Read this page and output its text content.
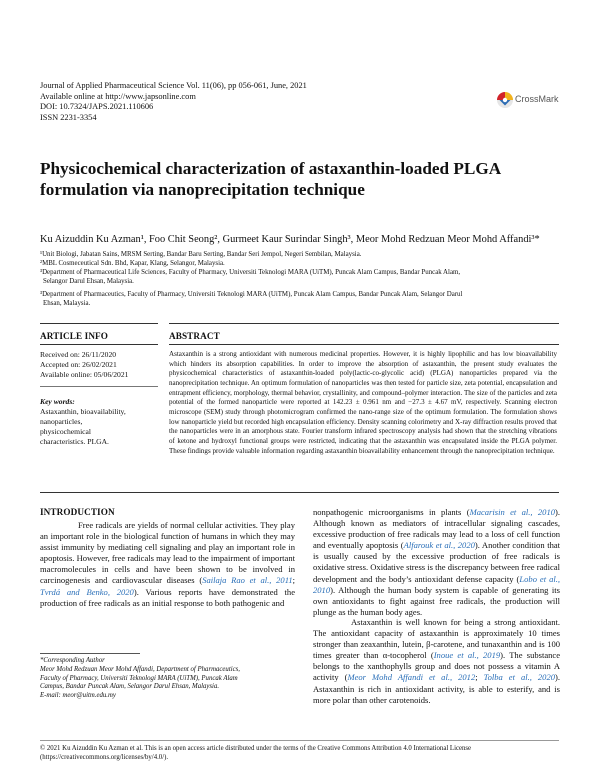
Journal of Applied Pharmaceutical Science Vol. 11(06), pp 056-061, June, 2021
Available online at http://www.japsonline.com
DOI: 10.7324/JAPS.2021.110606
ISSN 2231-3354
CrossMark
Physicochemical characterization of astaxanthin-loaded PLGA formulation via nanoprecipitation technique
Ku Aizuddin Ku Azman¹, Foo Chit Seong², Gurmeet Kaur Surindar Singh³, Meor Mohd Redzuan Meor Mohd Affandi³*
¹Unit Biologi, Jabatan Sains, MRSM Serting, Bandar Baru Serting, Bandar Seri Jempol, Negeri Sembilan, Malaysia.
²MBL Cosmeceutical Sdn. Bhd, Kapar, Klang, Selangor, Malaysia.
³Department of Pharmaceutical Life Sciences, Faculty of Pharmacy, Universiti Teknologi MARA (UiTM), Puncak Alam Campus, Bandar Puncak Alam,
Selangor Darul Ehsan, Malaysia.
³Department of Pharmaceutics, Faculty of Pharmacy, Universiti Teknologi MARA (UiTM), Puncak Alam Campus, Bandar Puncak Alam, Selangor Darul
Ehsan, Malaysia.
ARTICLE INFO	ABSTRACT
Received on: 26/11/2020
Accepted on: 26/02/2021
Available online: 05/06/2021
Key words:
Astaxanthin, bioavailability,
nanoparticles,
physicochemical
characteristics. PLGA.
Astaxanthin is a strong antioxidant with numerous medicinal properties. However, it is highly lipophilic and has low bioavailability which hinders its absorption capabilities. In order to improve the absorption of astaxanthin, the present study evaluates the physicochemical characteristics of astaxanthin-loaded poly(lactic-co-glycolic acid) (PLGA) nanoparticles prepared via the nanoprecipitation technique. An optimum formulation of nanoparticles was then tested for particle size, zeta potential, encapsulation and entrapment efficiency, morphology, thermal behavior, crystallinity, and compound–polymer interaction. The size of the particles and zeta potential of the formed nanoparticle were reported at 142.23 ± 0.961 nm and −27.3 ± 4.67 mV, respectively. Scanning electron microscope (SEM) study through photomicrogram confirmed the nano-range size of the optimum formulation. The formulation shows low nanoparticle yield but recorded high encapsulation efficiency. Density scanning colorimetry and X-ray diffraction results proved that the nanoparticles were in an amorphous state. Fourier transform infrared spectroscopy analysis had shown that the stretching vibrations of ketone and hydroxyl functional groups were restricted, indicating that the astaxanthin was encapsulated inside the PLGA polymer. These findings provide valuable information regarding astaxanthin bioavailability enhancement through the nanoprecipitation technique.
INTRODUCTION
Free radicals are yields of normal cellular activities. They play an important role in the biological function of humans in which they may assist immunity by mediating cell signaling and play an important role in apoptosis. However, free radicals may lead to the impairment of important macromolecules in cells and have been shown to be involved in carcinogenesis and cardiovascular diseases (Sailaja Rao et al., 2011; Tvrdá and Benko, 2020). Various reports have demonstrated the production of free radicals as an initial response to both pathogenic and
*Corresponding Author
Meor Mohd Redzuan Meor Mohd Affandi, Department of Pharmaceutics,
Faculty of Pharmacy, Universiti Teknologi MARA (UiTM), Puncak Alam
Campus, Bandar Puncak Alam, Selangor Darul Ehsan, Malaysia.
E-mail: meor@uitm.edu.my
nonpathogenic microorganisms in plants (Macarisin et al., 2010). Although known as mediators of intracellular signaling cascades, excessive production of free radicals may lead to a loss of cell function and eventually apoptosis (Alfarouk et al., 2020). Another condition that is usually caused by the excessive production of free radicals is oxidative stress. Oxidative stress is the discrepancy between free radical development and the body’s antioxidant defense capacity (Lobo et al., 2010). Although the human body system is capable of generating its own antioxidants to fight against free radicals, the production will plunge as the human body ages.
Astaxanthin is well known for being a strong antioxidant. The antioxidant capacity of astaxanthin is approximately 10 times stronger than zeaxanthin, lutein, β-carotene, and tunaxanthin and is 100 times greater than α-tocopherol (Inoue et al., 2019). The substance belongs to the xanthophylls group and does not possess a vitamin A activity (Meor Mohd Affandi et al., 2012; Tolba et al., 2020). Astaxanthin is rich in antioxidant activity, is able to esterify, and is more polar than other carotenoids.
© 2021 Ku Aizuddin Ku Azman et al. This is an open access article distributed under the terms of the Creative Commons Attribution 4.0 International License
(https://creativecommons.org/licenses/by/4.0/).
